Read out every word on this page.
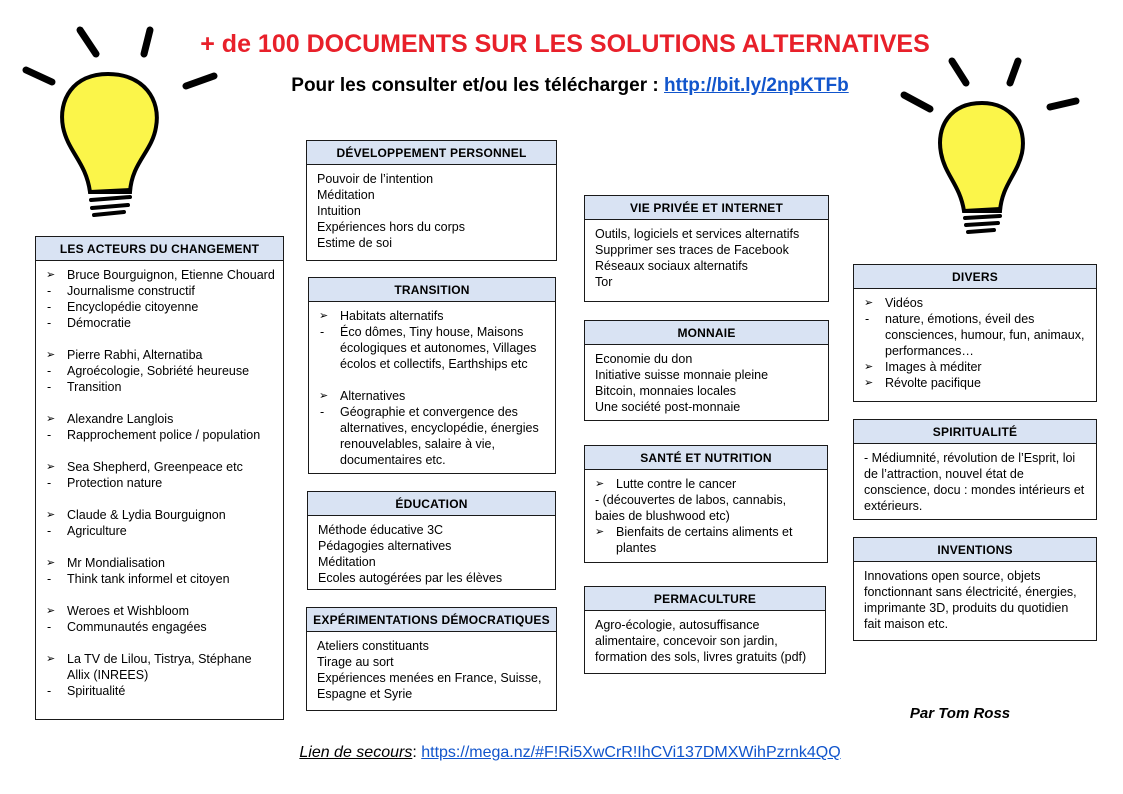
+ de 100 DOCUMENTS SUR LES SOLUTIONS ALTERNATIVES
Pour les consulter et/ou les télécharger : http://bit.ly/2npKTFb
LES ACTEURS DU CHANGEMENT
➢ Bruce Bourguignon, Etienne Chouard
- Journalisme constructif
- Encyclopédie citoyenne
- Démocratie
➢ Pierre Rabhi, Alternatiba
- Agroécologie, Sobriété heureuse
- Transition
➢ Alexandre Langlois
- Rapprochement police / population
➢ Sea Shepherd, Greenpeace etc
- Protection nature
➢ Claude & Lydia Bourguignon
- Agriculture
➢ Mr Mondialisation
- Think tank informel et citoyen
➢ Weroes et Wishbloom
- Communautés engagées
➢ La TV de Lilou, Tistrya, Stéphane Allix (INREES)
- Spiritualité
DÉVELOPPEMENT PERSONNEL
Pouvoir de l’intention
Méditation
Intuition
Expériences hors du corps
Estime de soi
TRANSITION
➢ Habitats alternatifs
- Éco dômes, Tiny house, Maisons écologiques et autonomes, Villages écolos et collectifs, Earthships etc
➢ Alternatives
- Géographie et convergence des alternatives, encyclopédie, énergies renouvelables, salaire à vie, documentaires etc.
ÉDUCATION
Méthode éducative 3C
Pédagogies alternatives
Méditation
Ecoles autogérées par les élèves
EXPÉRIMENTATIONS DÉMOCRATIQUES
Ateliers constituants
Tirage au sort
Expériences menées en France, Suisse, Espagne et Syrie
VIE PRIVÉE ET INTERNET
Outils, logiciels et services alternatifs
Supprimer ses traces de Facebook
Réseaux sociaux alternatifs
Tor
MONNAIE
Economie du don
Initiative suisse monnaie pleine
Bitcoin, monnaies locales
Une société post-monnaie
SANTÉ ET NUTRITION
➢ Lutte contre le cancer
- (découvertes de labos, cannabis, baies de blushwood etc)
➢ Bienfaits de certains aliments et plantes
PERMACULTURE
Agro-écologie, autosuffisance alimentaire, concevoir son jardin, formation des sols, livres gratuits (pdf)
DIVERS
➢ Vidéos
- nature, émotions, éveil des consciences, humour, fun, animaux, performances…
➢ Images à méditer
➢ Révolte pacifique
SPIRITUALITÉ
- Médiumnité, révolution de l’Esprit, loi de l’attraction, nouvel état de conscience, docu : mondes intérieurs et extérieurs.
INVENTIONS
Innovations open source, objets fonctionnant sans électricité, énergies, imprimante 3D, produits du quotidien fait maison etc.
Par Tom Ross
Lien de secours: https://mega.nz/#F!Ri5XwCrR!IhCVi137DMXWihPzrnk4QQ
